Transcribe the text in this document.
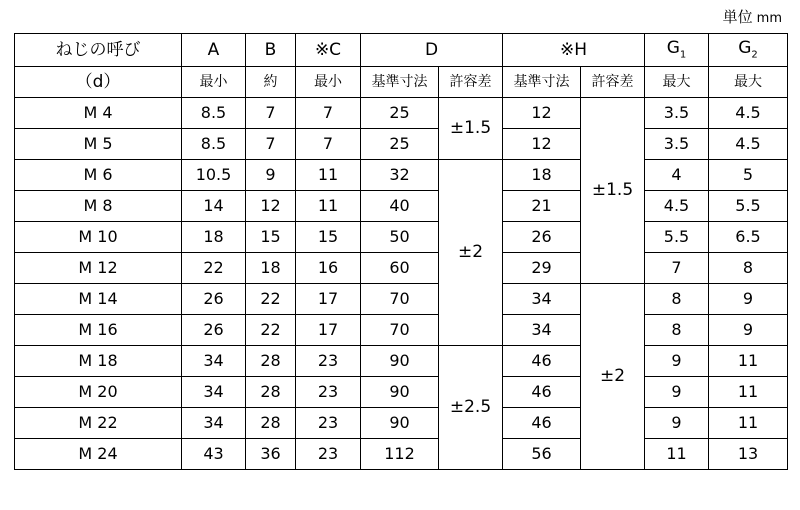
単位 mm
ねじの呼び	A	B	※C	D		※H		$G_1$	$G_2$
（d）	最小	約	最小	基準寸法	許容差	基準寸法	許容差	最大	最大
M 4	8.5	7	7	25	±1.5	12	±1.5	3.5	4.5
M 5	8.5	7	7	25		12		3.5	4.5
M 6	10.5	9	11	32	±2	18		4	5
M 8	14	12	11	40		21		4.5	5.5
M 10	18	15	15	50		26		5.5	6.5
M 12	22	18	16	60		29		7	8
M 14	26	22	17	70		34	±2	8	9
M 16	26	22	17	70		34		8	9
M 18	34	28	23	90	±2.5	46		9	11
M 20	34	28	23	90		46		9	11
M 22	34	28	23	90		46		9	11
M 24	43	36	23	112		56		11	13
